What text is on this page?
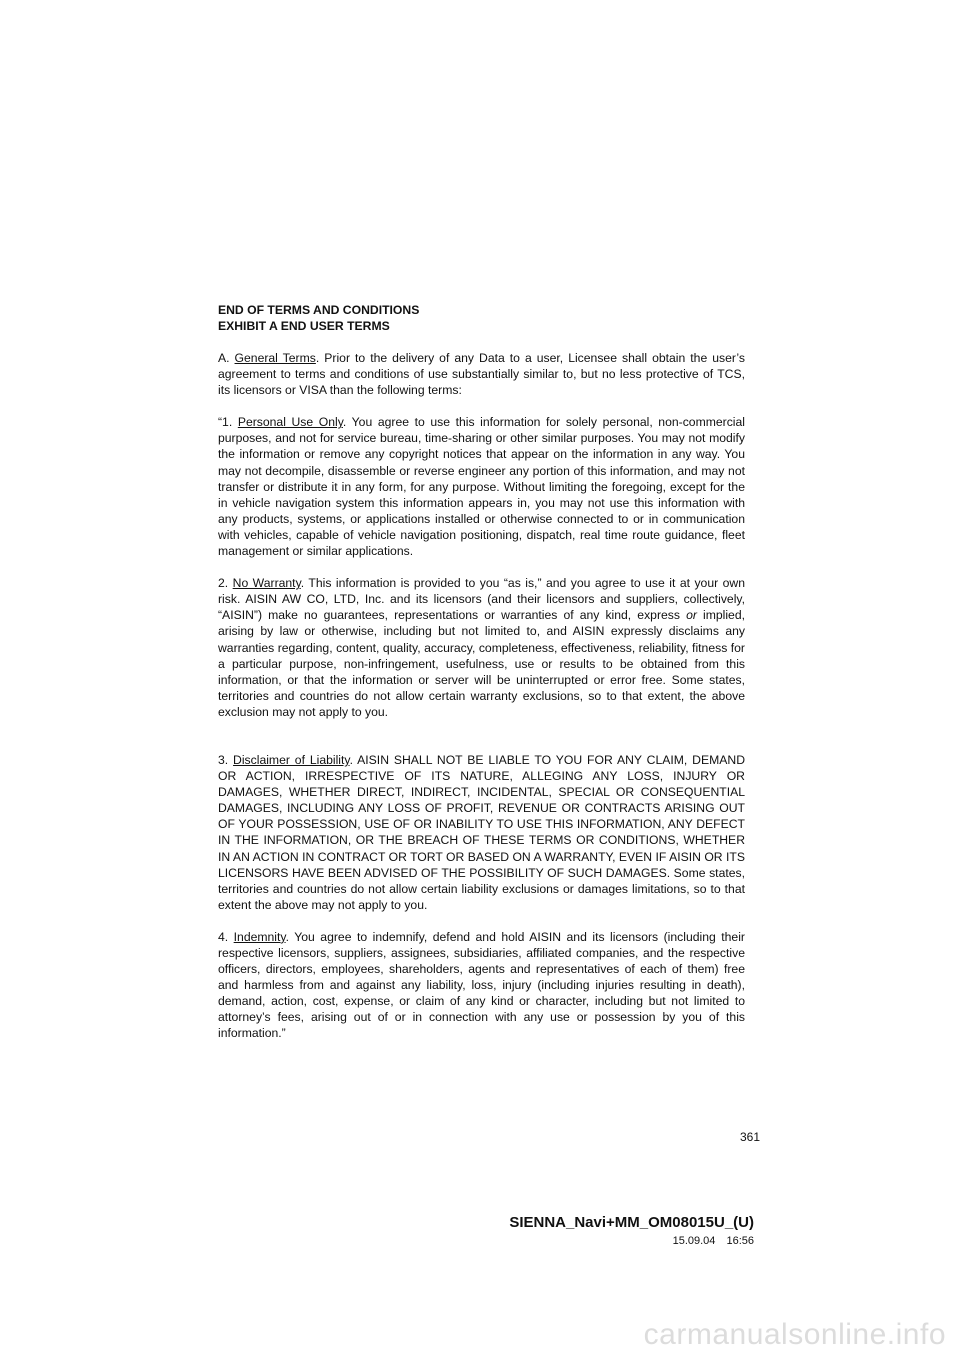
END OF TERMS AND CONDITIONS
EXHIBIT A END USER TERMS

A. General Terms. Prior to the delivery of any Data to a user, Licensee shall obtain the user’s agreement to terms and conditions of use substantially similar to, but no less protective of TCS, its licensors or VISA than the following terms:

“1. Personal Use Only. You agree to use this information for solely personal, non-commercial purposes, and not for service bureau, time-sharing or other similar purposes. You may not modify the information or remove any copyright notices that appear on the information in any way. You may not decompile, disassemble or reverse engineer any portion of this information, and may not transfer or distribute it in any form, for any purpose. Without limiting the foregoing, except for the in vehicle navigation system this information appears in, you may not use this information with any products, systems, or applications installed or otherwise connected to or in communication with vehicles, capable of vehicle navigation positioning, dispatch, real time route guidance, fleet management or similar applications.

2. No Warranty. This information is provided to you “as is,” and you agree to use it at your own risk. AISIN AW CO, LTD, Inc. and its licensors (and their licensors and suppliers, collectively, “AISIN”) make no guarantees, representations or warranties of any kind, express or implied, arising by law or otherwise, including but not limited to, and AISIN expressly disclaims any warranties regarding, content, quality, accuracy, completeness, effectiveness, reliability, fitness for a particular purpose, non-infringement, usefulness, use or results to be obtained from this information, or that the information or server will be uninterrupted or error free. Some states, territories and countries do not allow certain warranty exclusions, so to that extent, the above exclusion may not apply to you.

3. Disclaimer of Liability. AISIN SHALL NOT BE LIABLE TO YOU FOR ANY CLAIM, DEMAND OR ACTION, IRRESPECTIVE OF ITS NATURE, ALLEGING ANY LOSS, INJURY OR DAMAGES, WHETHER DIRECT, INDIRECT, INCIDENTAL, SPECIAL OR CONSEQUENTIAL DAMAGES, INCLUDING ANY LOSS OF PROFIT, REVENUE OR CONTRACTS ARISING OUT OF YOUR POSSESSION, USE OF OR INABILITY TO USE THIS INFORMATION, ANY DEFECT IN THE INFORMATION, OR THE BREACH OF THESE TERMS OR CONDITIONS, WHETHER IN AN ACTION IN CONTRACT OR TORT OR BASED ON A WARRANTY, EVEN IF AISIN OR ITS LICENSORS HAVE BEEN ADVISED OF THE POSSIBILITY OF SUCH DAMAGES. Some states, territories and countries do not allow certain liability exclusions or damages limitations, so to that extent the above may not apply to you.

4. Indemnity. You agree to indemnify, defend and hold AISIN and its licensors (including their respective licensors, suppliers, assignees, subsidiaries, affiliated companies, and the respective officers, directors, employees, shareholders, agents and representatives of each of them) free and harmless from and against any liability, loss, injury (including injuries resulting in death), demand, action, cost, expense, or claim of any kind or character, including but not limited to attorney’s fees, arising out of or in connection with any use or possession by you of this information.”

361
SIENNA_Navi+MM_OM08015U_(U)
15.09.04 16:56
carmanualsonline.info
